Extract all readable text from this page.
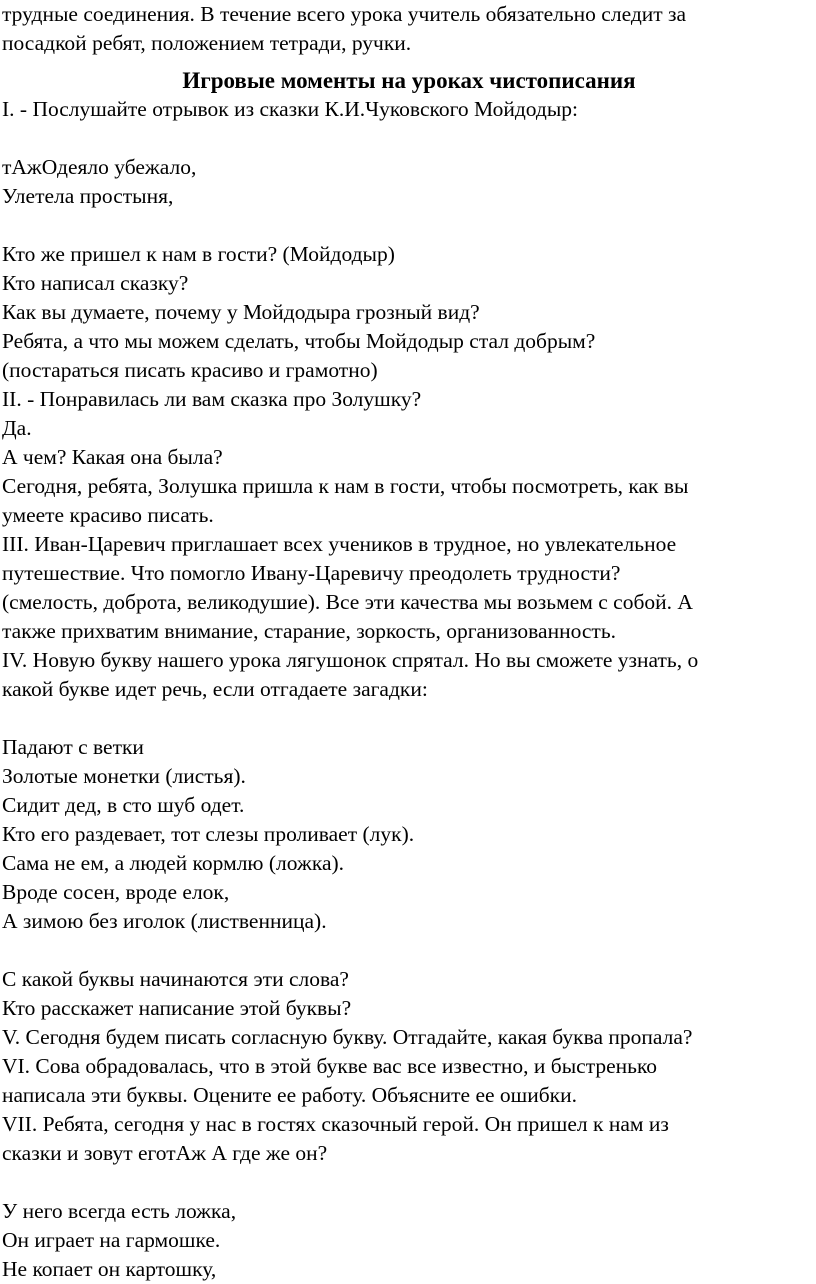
трудные соединения. В течение всего урока учитель обязательно следит за
посадкой ребят, положением тетради, ручки.
Игровые моменты на уроках чистописания
I. - Послушайте отрывок из сказки К.И.Чуковского Мойдодыр:
тАжОдеяло убежало,
Улетела простыня,
Кто же пришел к нам в гости? (Мойдодыр)
Кто написал сказку?
Как вы думаете, почему у Мойдодыра грозный вид?
Ребята, а что мы можем сделать, чтобы Мойдодыр стал добрым?
(постараться писать красиво и грамотно)
II. - Понравилась ли вам сказка про Золушку?
Да.
А чем? Какая она была?
Сегодня, ребята, Золушка пришла к нам в гости, чтобы посмотреть, как вы
умеете красиво писать.
III. Иван-Царевич приглашает всех учеников в трудное, но увлекательное
путешествие. Что помогло Ивану-Царевичу преодолеть трудности?
(смелость, доброта, великодушие). Все эти качества мы возьмем с собой. А
также прихватим внимание, старание, зоркость, организованность.
IV. Новую букву нашего урока лягушонок спрятал. Но вы сможете узнать, о
какой букве идет речь, если отгадаете загадки:
Падают с ветки
Золотые монетки (листья).
Сидит дед, в сто шуб одет.
Кто его раздевает, тот слезы проливает (лук).
Сама не ем, а людей кормлю (ложка).
Вроде сосен, вроде елок,
А зимою без иголок (лиственница).
С какой буквы начинаются эти слова?
Кто расскажет написание этой буквы?
V. Сегодня будем писать согласную букву. Отгадайте, какая буква пропала?
VI. Сова обрадовалась, что в этой букве вас все известно, и быстренько
написала эти буквы. Оцените ее работу. Объясните ее ошибки.
VII. Ребята, сегодня у нас в гостях сказочный герой. Он пришел к нам из
сказки и зовут еготАж А где же он?
У него всегда есть ложка,
Он играет на гармошке.
Не копает он картошку,
